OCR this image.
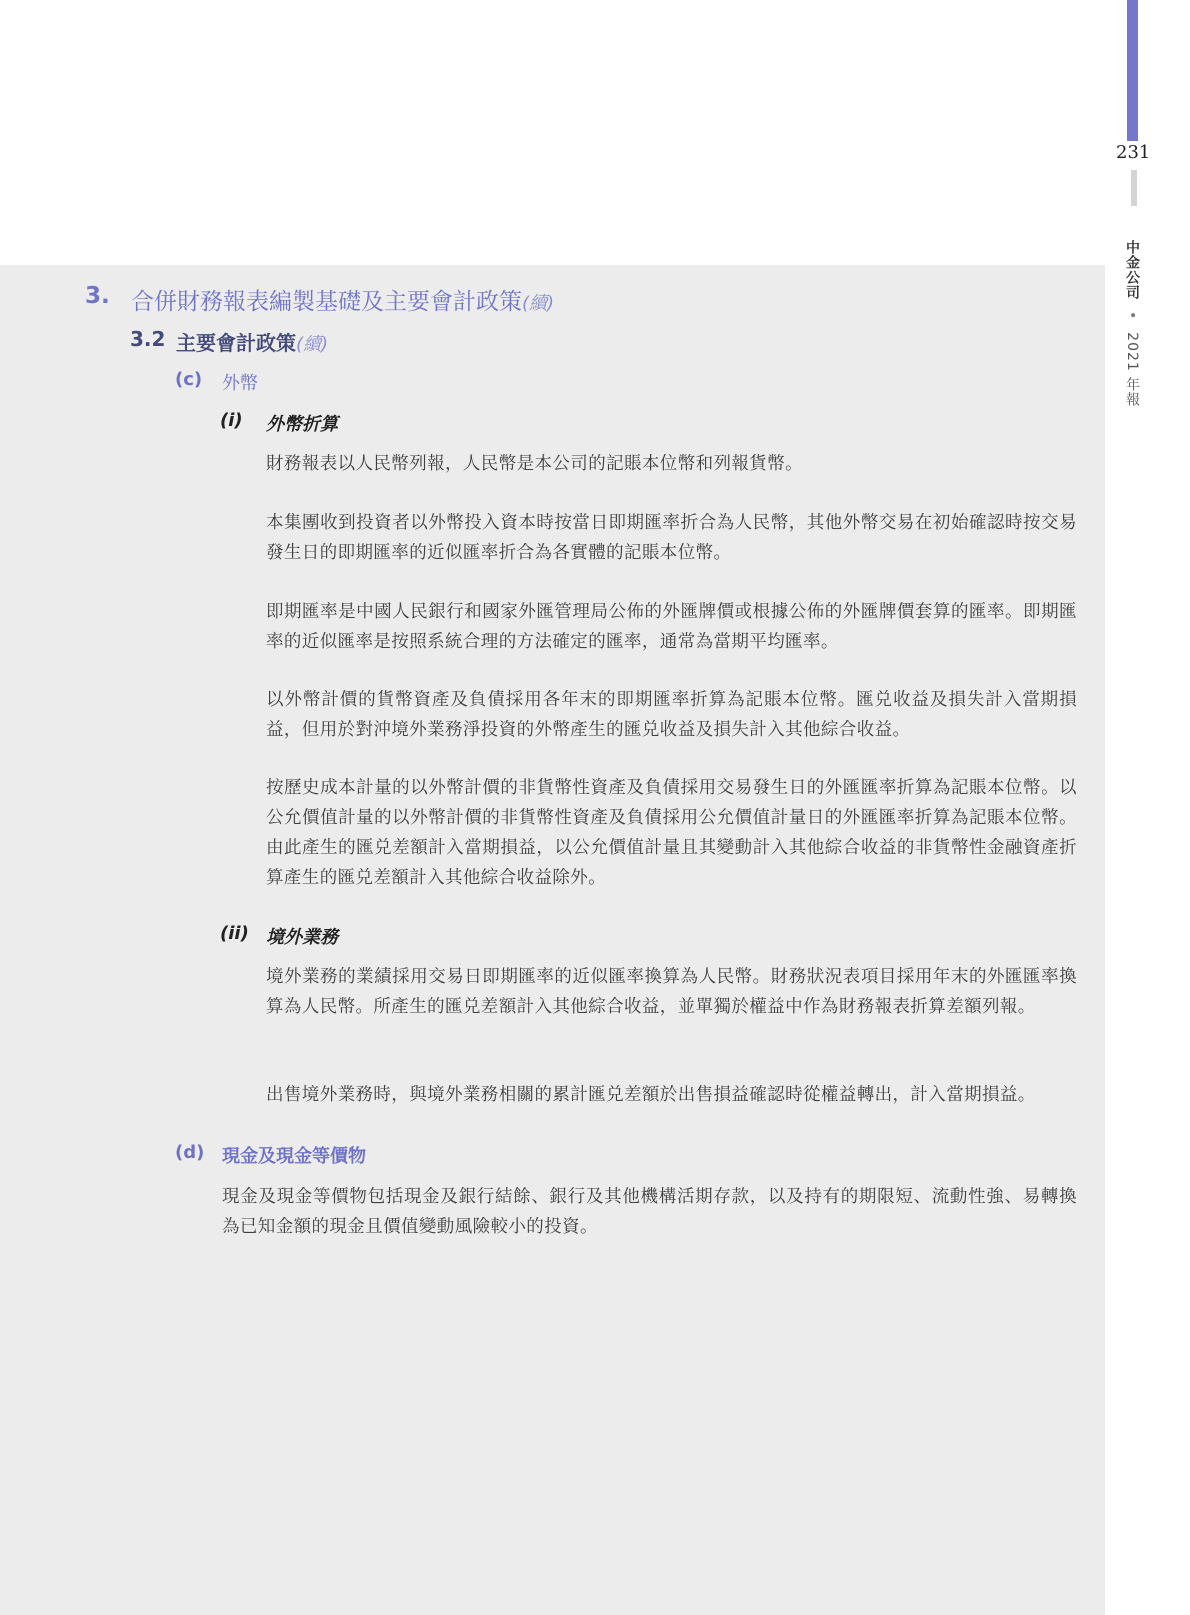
231
中金公司 • 2021 年報
3. 合併財務報表編製基礎及主要會計政策(續)
3.2 主要會計政策(續)
(c) 外幣
(i) 外幣折算
財務報表以人民幣列報，人民幣是本公司的記賬本位幣和列報貨幣。
本集團收到投資者以外幣投入資本時按當日即期匯率折合為人民幣，其他外幣交易在初始確認時按交易發生日的即期匯率的近似匯率折合為各實體的記賬本位幣。
即期匯率是中國人民銀行和國家外匯管理局公佈的外匯牌價或根據公佈的外匯牌價套算的匯率。即期匯率的近似匯率是按照系統合理的方法確定的匯率，通常為當期平均匯率。
以外幣計價的貨幣資產及負債採用各年末的即期匯率折算為記賬本位幣。匯兑收益及損失計入當期損益，但用於對沖境外業務淨投資的外幣產生的匯兑收益及損失計入其他綜合收益。
按歷史成本計量的以外幣計價的非貨幣性資產及負債採用交易發生日的外匯匯率折算為記賬本位幣。以公允價值計量的以外幣計價的非貨幣性資產及負債採用公允價值計量日的外匯匯率折算為記賬本位幣。由此產生的匯兑差額計入當期損益，以公允價值計量且其變動計入其他綜合收益的非貨幣性金融資產折算產生的匯兑差額計入其他綜合收益除外。
(ii) 境外業務
境外業務的業績採用交易日即期匯率的近似匯率換算為人民幣。財務狀況表項目採用年末的外匯匯率換算為人民幣。所產生的匯兑差額計入其他綜合收益，並單獨於權益中作為財務報表折算差額列報。
出售境外業務時，與境外業務相關的累計匯兑差額於出售損益確認時從權益轉出，計入當期損益。
(d) 現金及現金等價物
現金及現金等價物包括現金及銀行結餘、銀行及其他機構活期存款，以及持有的期限短、流動性強、易轉換為已知金額的現金且價值變動風險較小的投資。
